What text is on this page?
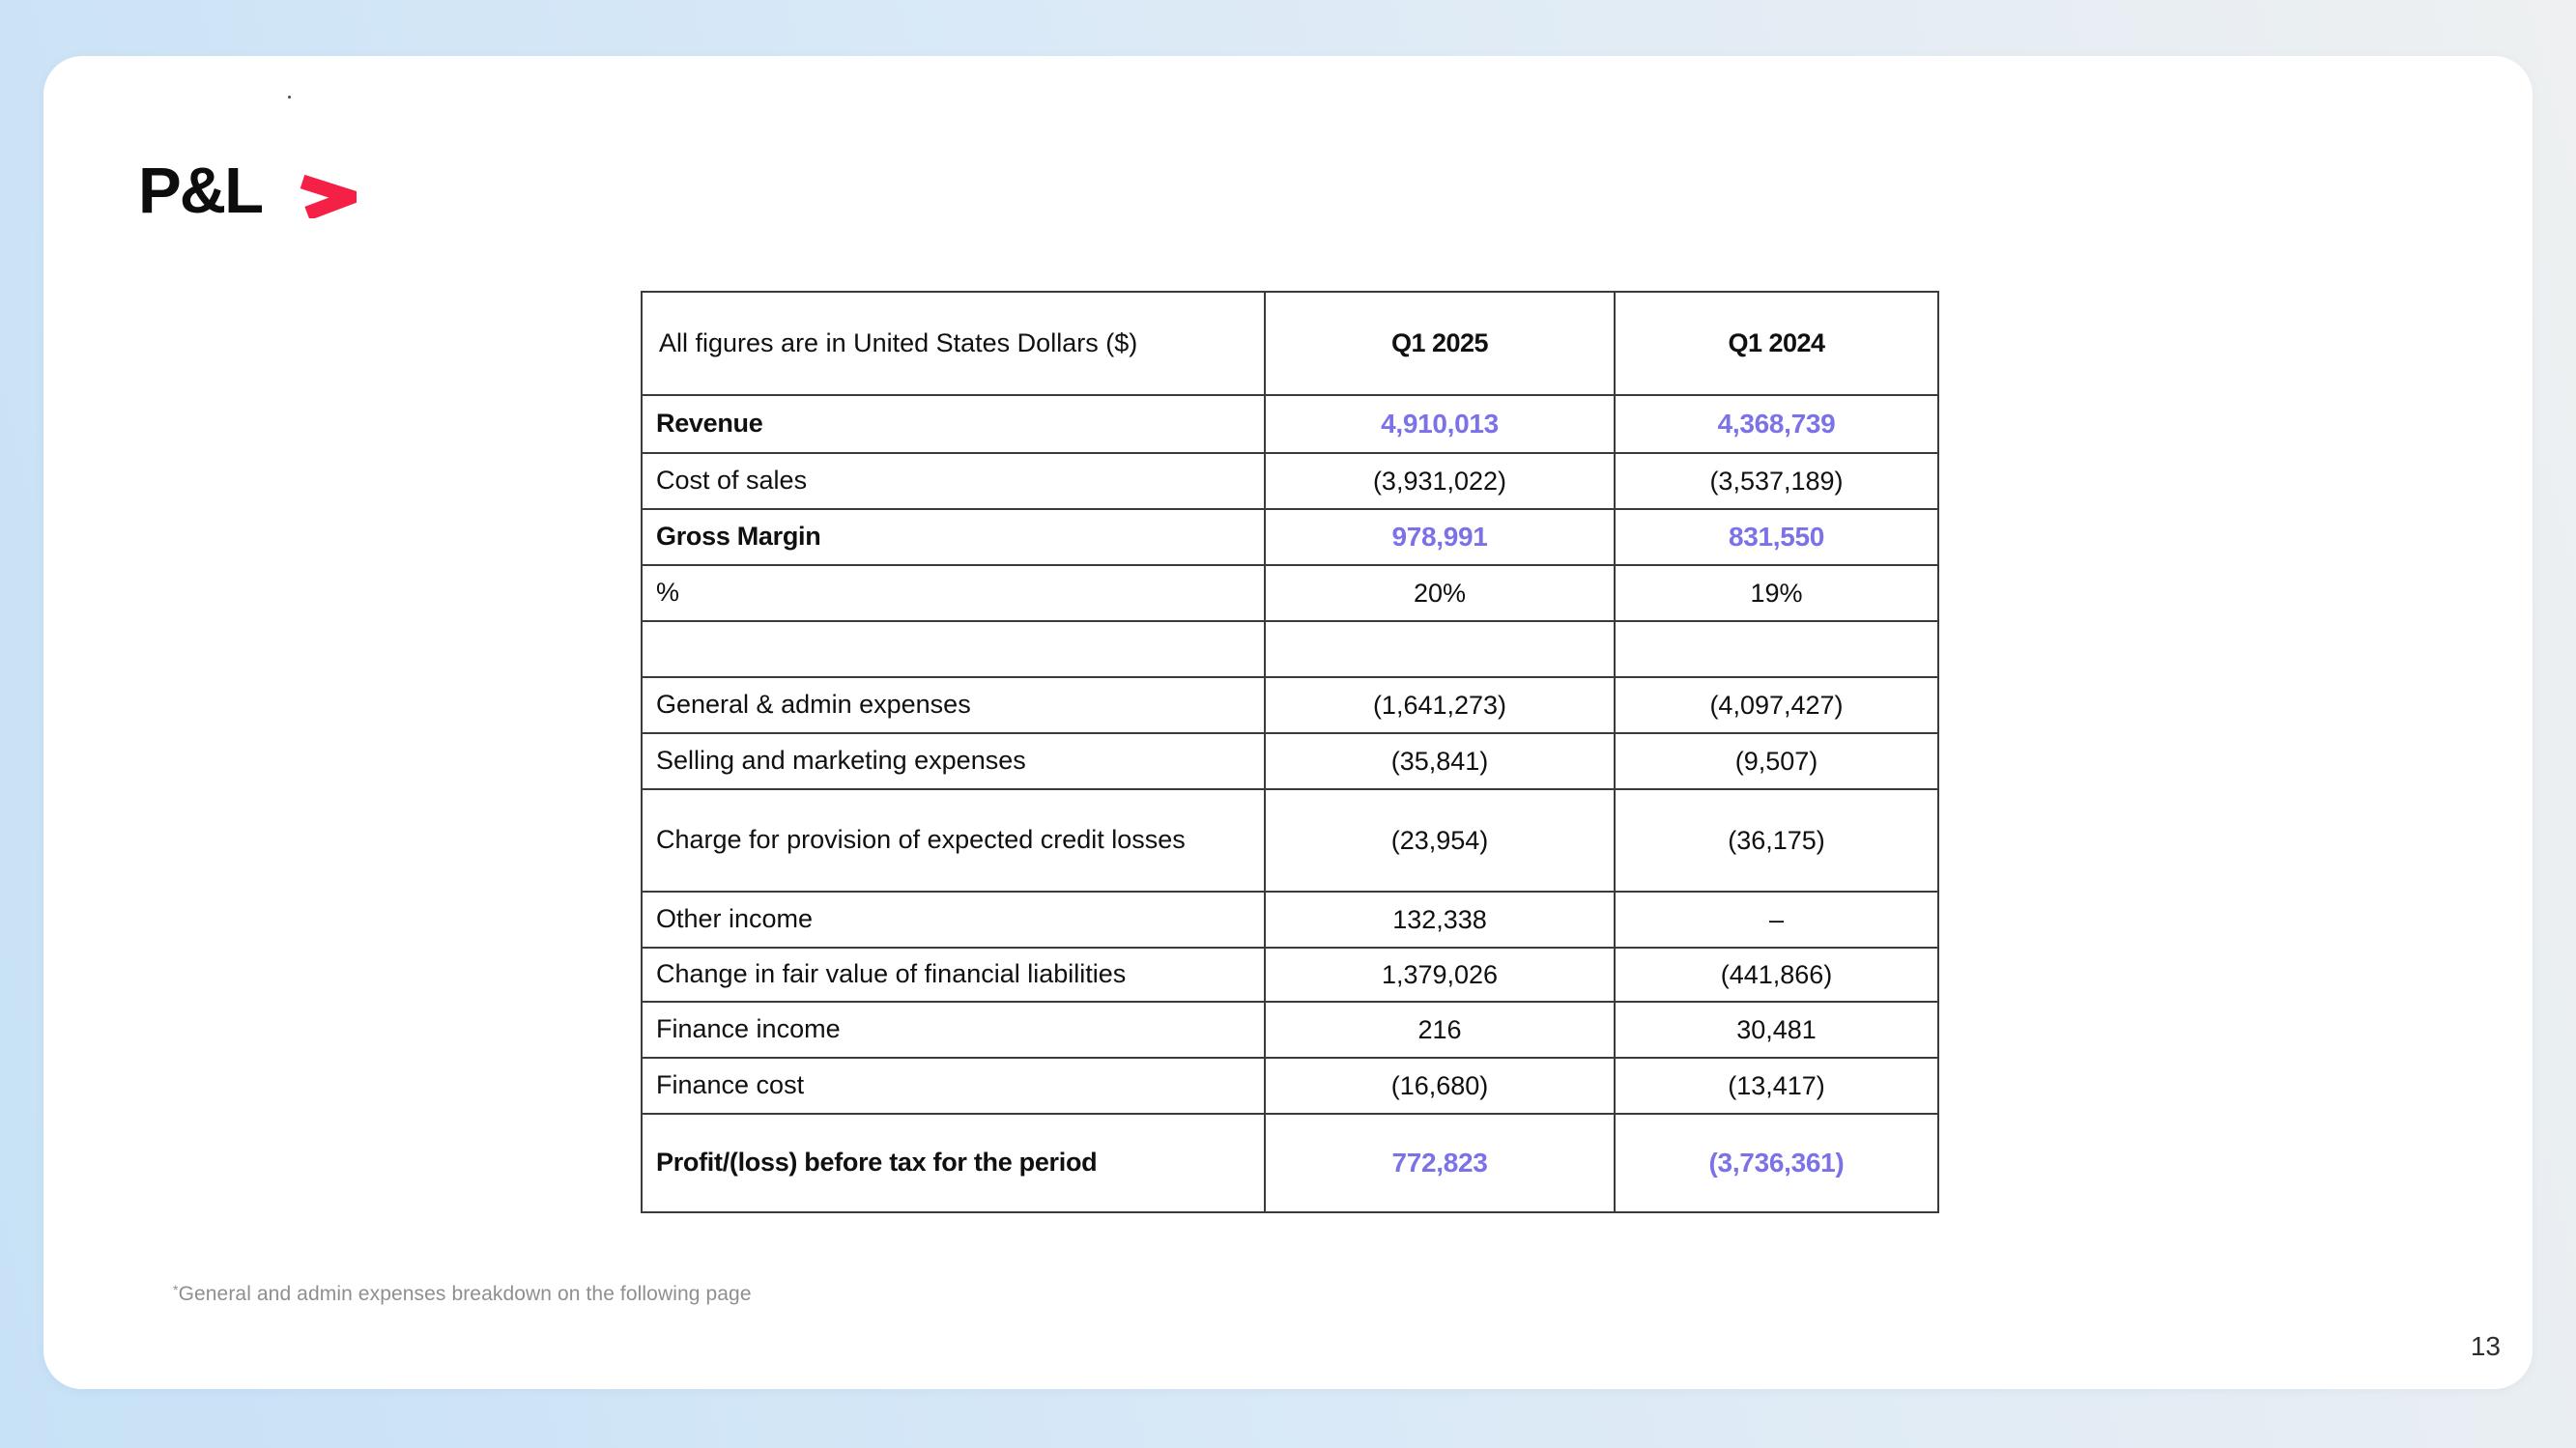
P&L
All figures are in United States Dollars ($)	Q1 2025	Q1 2024
Revenue	4,910,013	4,368,739
Cost of sales	(3,931,022)	(3,537,189)
Gross Margin	978,991	831,550
%	20%	19%

General & admin expenses	(1,641,273)	(4,097,427)
Selling and marketing expenses	(35,841)	(9,507)
Charge for provision of expected credit losses	(23,954)	(36,175)
Other income	132,338	–
Change in fair value of financial liabilities	1,379,026	(441,866)
Finance income	216	30,481
Finance cost	(16,680)	(13,417)
Profit/(loss) before tax for the period	772,823	(3,736,361)
*General and admin expenses breakdown on the following page
13
